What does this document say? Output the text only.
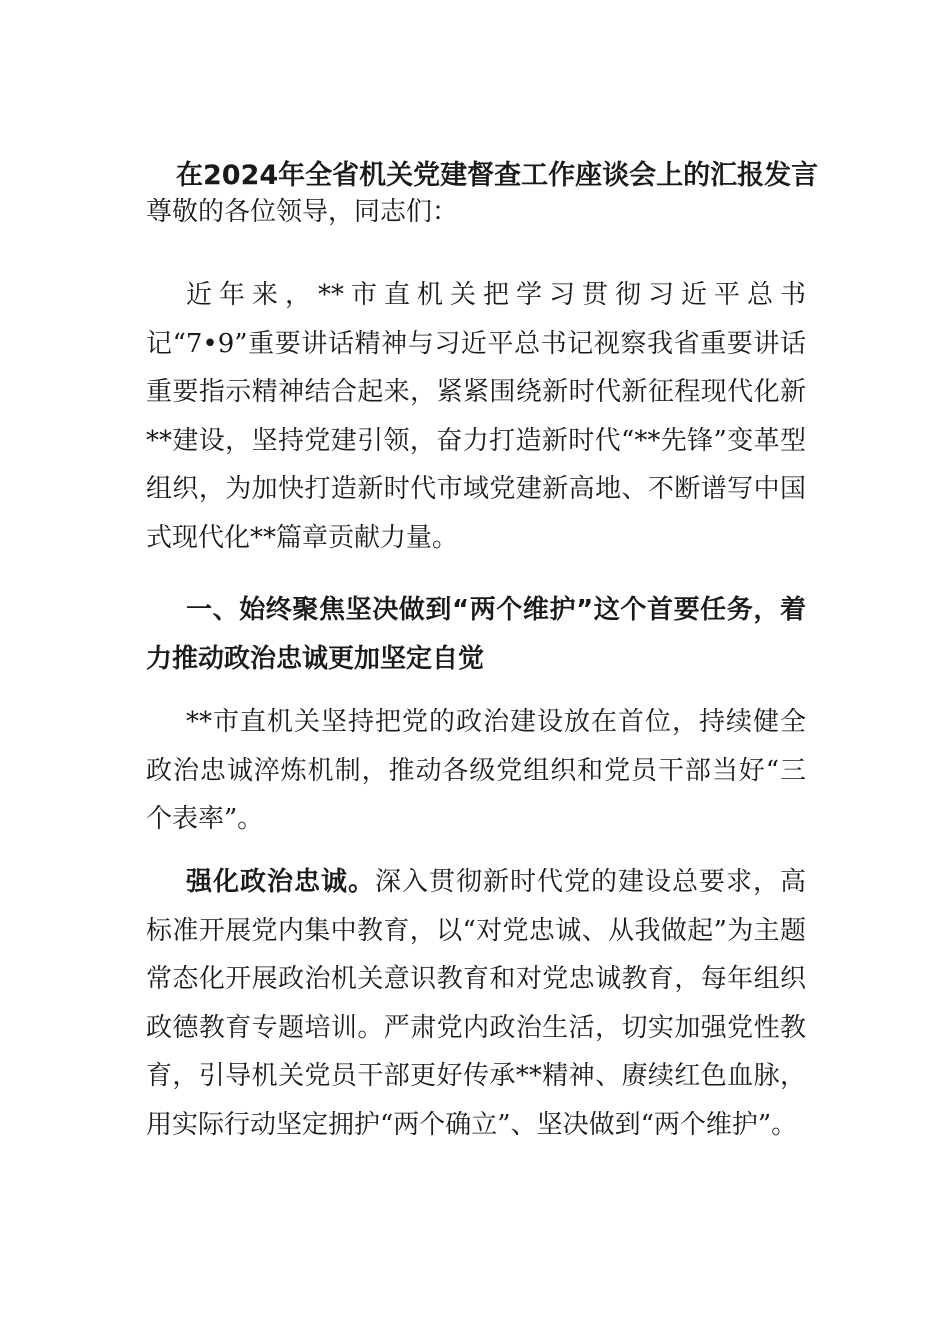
在2024年全省机关党建督查工作座谈会上的汇报发言

尊敬的各位领导，同志们：

近年来，**市直机关把学习贯彻习近平总书记“7•9”重要讲话精神与习近平总书记视察我省重要讲话重要指示精神结合起来，紧紧围绕新时代新征程现代化新**建设，坚持党建引领，奋力打造新时代“**先锋”变革型组织，为加快打造新时代市域党建新高地、不断谱写中国式现代化**篇章贡献力量。

一、始终聚焦坚决做到“两个维护”这个首要任务，着力推动政治忠诚更加坚定自觉

**市直机关坚持把党的政治建设放在首位，持续健全政治忠诚淬炼机制，推动各级党组织和党员干部当好“三个表率”。

强化政治忠诚。深入贯彻新时代党的建设总要求，高标准开展党内集中教育，以“对党忠诚、从我做起”为主题常态化开展政治机关意识教育和对党忠诚教育，每年组织政德教育专题培训。严肃党内政治生活，切实加强党性教育，引导机关党员干部更好传承**精神、赓续红色血脉，用实际行动坚定拥护“两个确立”、坚决做到“两个维护”。
